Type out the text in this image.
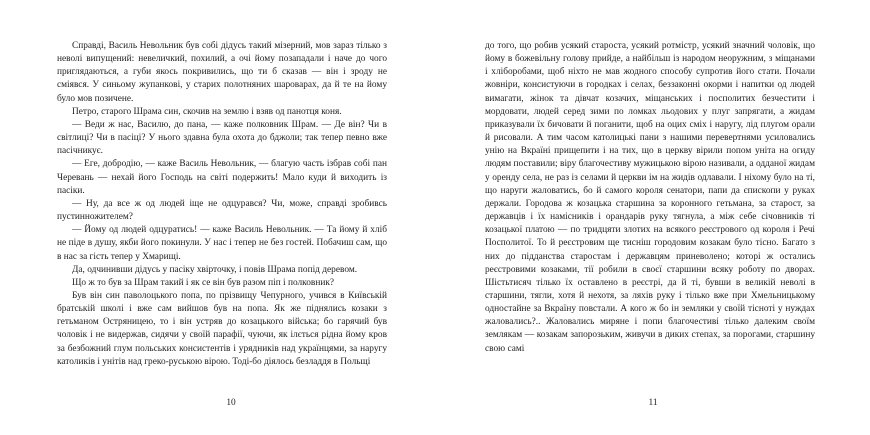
Справді, Василь Невольник був собі дідусь такий мізерний, мов зараз тілько з неволі випущений: невеличкий, похилий, а очі йому позападали і наче до чого приглядаються, а губи якось покривились, що ти б сказав — він і зроду не сміявся. У синьому жупанкові, у старих полотняних шароварах, да й те на йому було мов позичене.

Петро, старого Шрама син, скочив на землю і взяв од панотця коня.

— Веди ж нас, Василю, до пана, — каже полковник Шрам. — Де він? Чи в світлиці? Чи в пасіці? У нього здавна була охота до бджоли; так тепер певно вже пасічникує.

— Еге, добродію, — каже Василь Невольник, — благую часть ізбрав собі пан Черевань — нехай його Господь на світі подержить! Мало куди й виходить із пасіки.

— Ну, да все ж од людей іще не одцурався? Чи, може, справді зробивсь пустинножителем?

— Йому од людей одцуратись! — каже Василь Невольник. — Та йому й хліб не піде в душу, якби його покинули. У нас і тепер не без гостей. Побачиш сам, що в нас за гість тепер у Хмарищі.

Да, одчинивши дідусь у пасіку хвірточку, і повів Шрама попід деревом.

Що ж то був за Шрам такий і як се він був разом піп і полковник?

Був він син паволоцького попа, по прізвищу Чепурного, учився в Київській братській школі і вже сам вийшов був на попа. Як же піднялись козаки з гетьманом Остряницею, то і він устряв до козацького війська; бо гарячий був чоловік і не видержав, сидячи у своїй парафії, чуючи, як ілється рідна йому кров за безбожний глум польських консистентів і урядників над українцями, за наругу католиків і унітів над греко-руською вірою. Тоді-бо діялось безладдя в Польщі

10

до того, що робив усякий староста, усякий ротмістр, усякий значний чоловік, що йому в божевільну голову прийде, а найбільш із народом неоружним, з міщанами і хліборобами, щоб ніхто не мав жодного способу супротив його стати. Почали жовніри, консистуючи в городках і селах, беззаконні окорми і напитки од людей вимагати, жінок та дівчат козачих, міщанських і посполитих безчестити і мордовати, людей серед зими по ломках льодових у плуг запрягати, а жидам приказували їх бичовати й поганити, щоб на оцих сміх і наругу, лід плугом орали й рисовали. А тим часом католицькі пани з нашими перевертнями усиловались унію на Вкраїні прищепити і на тих, що в церкву вірили попом уніта на огиду людям поставили; віру благочестиву мужицькою вірою називали, а одданої жидам у оренду села, не раз із селами й церкви ім на жидів одлавали. І ніхому було на ті, що наруги жаловатись, бо й самого короля сенатори, папи да єпископи у руках держали. Городова ж козацька старшина за коронного гетьмана, за старост, за державців і їх намісників і орандарів руку тягнула, а між себе січовників ті козацької платою — по тридцяти злотих на всякого реєстрового од короля і Речі Посполитої. То й реєстровим ще тисніш городовим козакам було тісно. Багато з них до підданства старостам і державцям приневолено; которі ж остались реєстровими козаками, тії робили в своєї старшини всяку роботу по дворах. Шістьтисяч тілько їх оставлено в реєстрі, да й ті, бувши в великій неволі в старшини, тягли, хотя й нехотя, за ляхів руку і тілько вже при Хмельницькому одностайне за Вкраїну повстали. А кого ж бо ін земляки у своїй тісноті у нуждах жаловались?.. Жаловались миряне і попи благочестиві тілько далеким своїм землякам — козакам запорозьким, живучи в диких степах, за порогами, старшину свою самі

11
